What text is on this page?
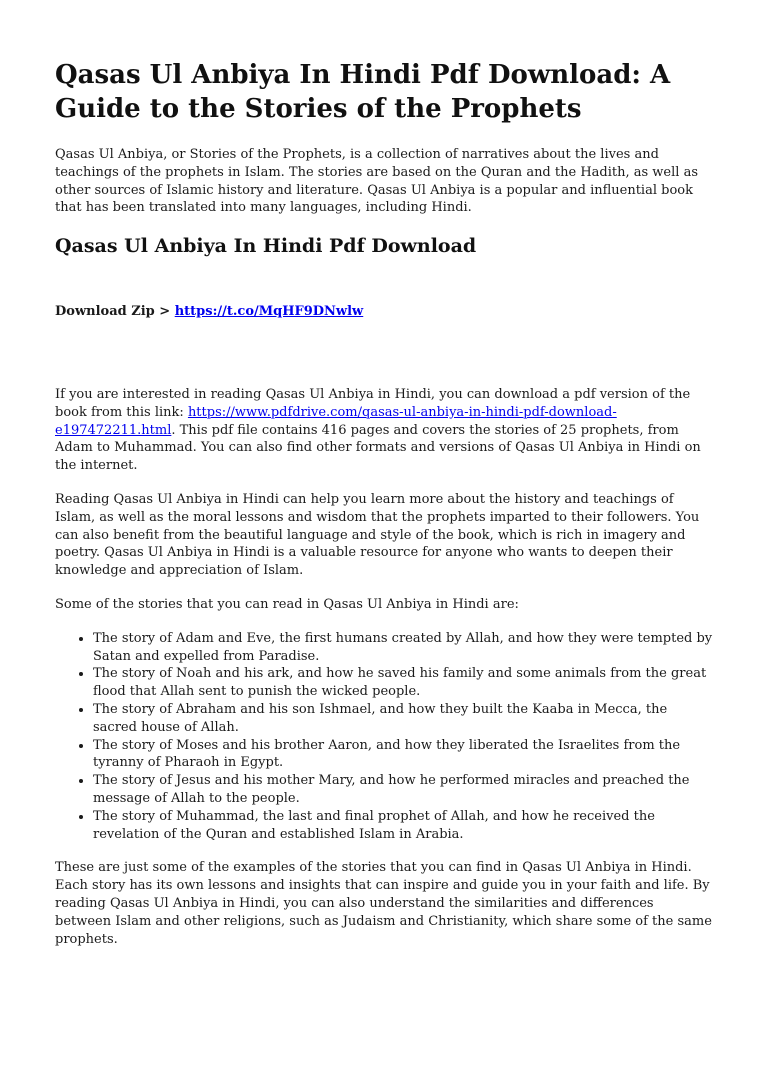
Qasas Ul Anbiya In Hindi Pdf Download: A Guide to the Stories of the Prophets

Qasas Ul Anbiya, or Stories of the Prophets, is a collection of narratives about the lives and teachings of the prophets in Islam. The stories are based on the Quran and the Hadith, as well as other sources of Islamic history and literature. Qasas Ul Anbiya is a popular and influential book that has been translated into many languages, including Hindi.

Qasas Ul Anbiya In Hindi Pdf Download

Download Zip > https://t.co/MqHF9DNwlw

If you are interested in reading Qasas Ul Anbiya in Hindi, you can download a pdf version of the book from this link: https://www.pdfdrive.com/qasas-ul-anbiya-in-hindi-pdf-download-e197472211.html. This pdf file contains 416 pages and covers the stories of 25 prophets, from Adam to Muhammad. You can also find other formats and versions of Qasas Ul Anbiya in Hindi on the internet.

Reading Qasas Ul Anbiya in Hindi can help you learn more about the history and teachings of Islam, as well as the moral lessons and wisdom that the prophets imparted to their followers. You can also benefit from the beautiful language and style of the book, which is rich in imagery and poetry. Qasas Ul Anbiya in Hindi is a valuable resource for anyone who wants to deepen their knowledge and appreciation of Islam.

Some of the stories that you can read in Qasas Ul Anbiya in Hindi are:

• The story of Adam and Eve, the first humans created by Allah, and how they were tempted by Satan and expelled from Paradise.
• The story of Noah and his ark, and how he saved his family and some animals from the great flood that Allah sent to punish the wicked people.
• The story of Abraham and his son Ishmael, and how they built the Kaaba in Mecca, the sacred house of Allah.
• The story of Moses and his brother Aaron, and how they liberated the Israelites from the tyranny of Pharaoh in Egypt.
• The story of Jesus and his mother Mary, and how he performed miracles and preached the message of Allah to the people.
• The story of Muhammad, the last and final prophet of Allah, and how he received the revelation of the Quran and established Islam in Arabia.

These are just some of the examples of the stories that you can find in Qasas Ul Anbiya in Hindi. Each story has its own lessons and insights that can inspire and guide you in your faith and life. By reading Qasas Ul Anbiya in Hindi, you can also understand the similarities and differences between Islam and other religions, such as Judaism and Christianity, which share some of the same prophets.
